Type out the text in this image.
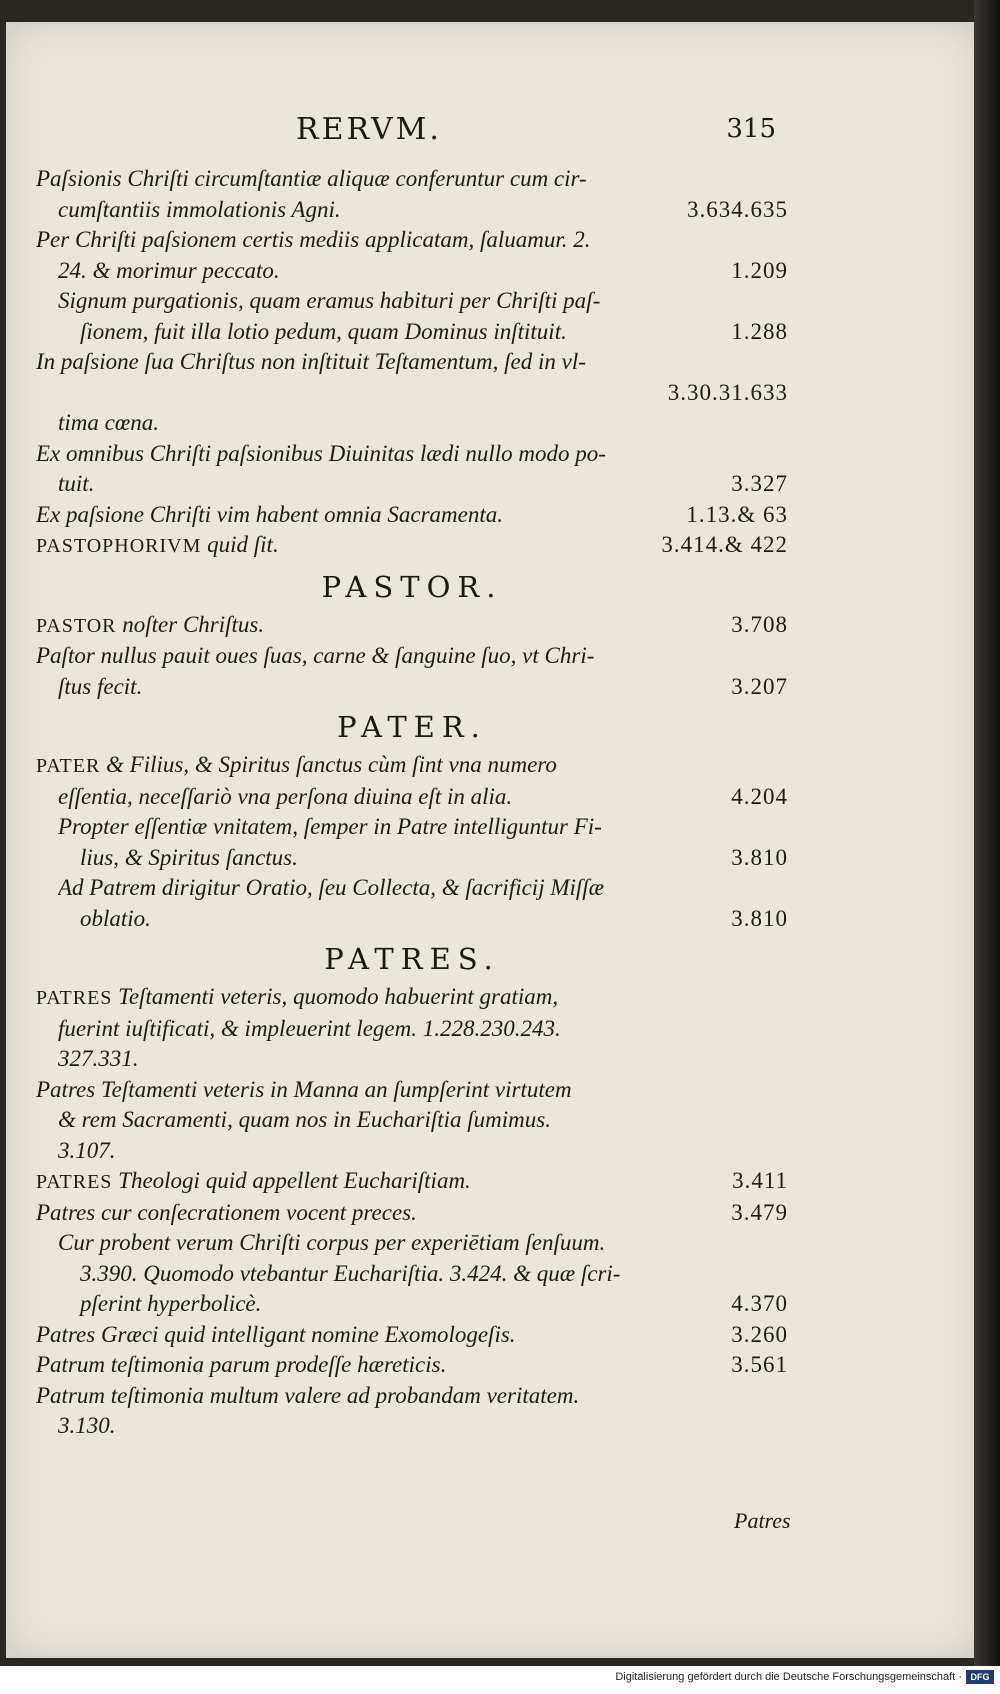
RERVM.	315
Paſsionis Chriſti circumſtantiæ aliquæ conferuntur cum cir-
3.634.635
cumſtantiis immolationis Agni.
Per Chriſti paſsionem certis mediis applicatam, ſaluamur. 2.
1.209
24. & morimur peccato.
Signum purgationis, quam eramus habituri per Chriſti paſ-
1.288
ſionem, fuit illa lotio pedum, quam Dominus inſtituit.
In paſsione ſua Chriſtus non inſtituit Teſtamentum, ſed in vl-
3.30.31.633
tima cœna.
Ex omnibus Chriſti paſsionibus Diuinitas lædi nullo modo po-
3.327
tuit.
1.13.& 63
Ex paſsione Chriſti vim habent omnia Sacramenta.
3.414.& 422
PASTOPHORIVM quid ſit.
PASTOR.
3.708
PASTOR noſter Chriſtus.
Paſtor nullus pauit oues ſuas, carne & ſanguine ſuo, vt Chri-
3.207
ſtus fecit.
PATER.
PATER & Filius, & Spiritus ſanctus cùm ſint vna numero
4.204
eſſentia, neceſſariò vna perſona diuina eſt in alia.
Propter eſſentiæ vnitatem, ſemper in Patre intelliguntur Fi-
3.810
lius, & Spiritus ſanctus.
Ad Patrem dirigitur Oratio, ſeu Collecta, & ſacrificij Miſſæ
3.810
oblatio.
PATRES.
PATRES Teſtamenti veteris, quomodo habuerint gratiam,
fuerint iuſtificati, & impleuerint legem. 1.228.230.243.
327.331.
Patres Teſtamenti veteris in Manna an ſumpſerint virtutem
& rem Sacramenti, quam nos in Euchariſtia ſumimus.
3.107.
3.411
PATRES Theologi quid appellent Euchariſtiam.
3.479
Patres cur conſecrationem vocent preces.
Cur probent verum Chriſti corpus per experiētiam ſenſuum.
3.390. Quomodo vtebantur Euchariſtia. 3.424. & quæ ſcri-
4.370
pſerint hyperbolicè.
3.260
Patres Græci quid intelligant nomine Exomologeſis.
3.561
Patrum teſtimonia parum prodeſſe hæreticis.
Patrum teſtimonia multum valere ad probandam veritatem.
3.130.
Patres
Digitalisierung gefördert durch die Deutsche Forschungsgemeinschaft · DFG
